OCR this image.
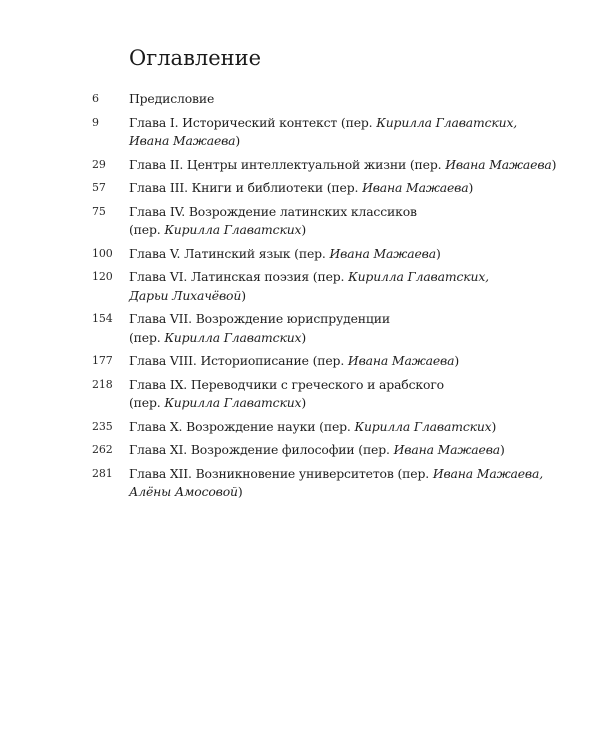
Оглавление
6	Предисловие
9	Глава I. Исторический контекст (пер. Кирилла Главатских,
Ивана Мажаева)
29	Глава II. Центры интеллектуальной жизни (пер. Ивана Мажаева)
57	Глава III. Книги и библиотеки (пер. Ивана Мажаева)
75	Глава IV. Возрождение латинских классиков
(пер. Кирилла Главатских)
100	Глава V. Латинский язык (пер. Ивана Мажаева)
120	Глава VI. Латинская поэзия (пер. Кирилла Главатских,
Дарьи Лихачёвой)
154	Глава VII. Возрождение юриспруденции
(пер. Кирилла Главатских)
177	Глава VIII. Историописание (пер. Ивана Мажаева)
218	Глава IX. Переводчики с греческого и арабского
(пер. Кирилла Главатских)
235	Глава X. Возрождение науки (пер. Кирилла Главатских)
262	Глава XI. Возрождение философии (пер. Ивана Мажаева)
281	Глава XII. Возникновение университетов (пер. Ивана Мажаева,
Алёны Амосовой)
